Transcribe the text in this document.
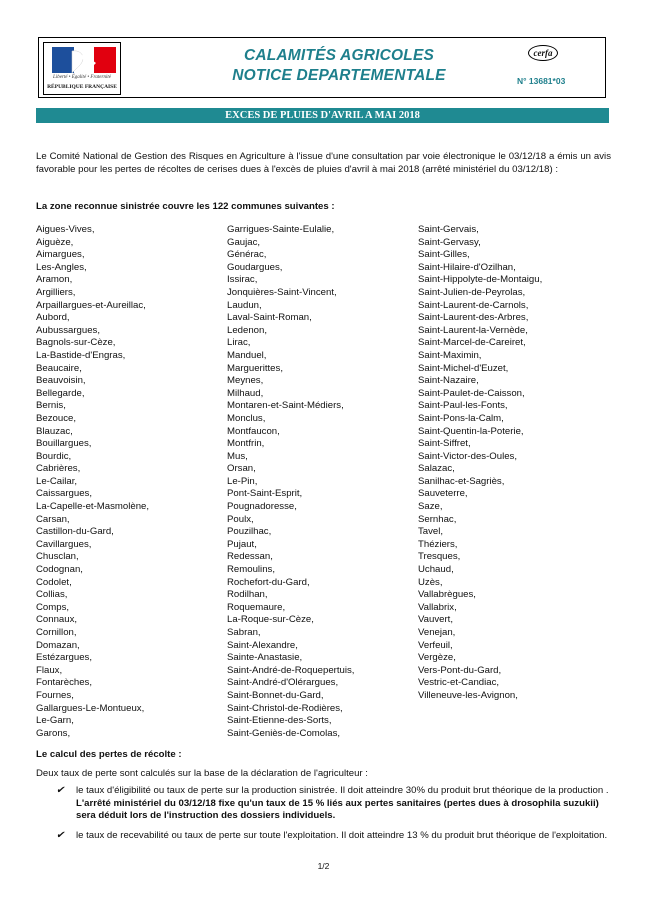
Liberté • Égalité • Fraternité
RÉPUBLIQUE FRANÇAISE
CALAMITÉS AGRICOLES
NOTICE DEPARTEMENTALE
cerfa
N° 13681*03
EXCES DE PLUIES D'AVRIL A MAI 2018
Le Comité National de Gestion des Risques en Agriculture à l'issue d'une consultation par voie électronique le 03/12/18 a émis un avis favorable pour les pertes de récoltes de cerises dues à l'excès de pluies d'avril à mai 2018 (arrêté ministériel du 03/12/18) :
La zone reconnue sinistrée couvre les 122 communes suivantes :
Aigues-Vives,
Aiguèze,
Aimargues,
Les-Angles,
Aramon,
Argilliers,
Arpaillargues-et-Aureillac,
Aubord,
Aubussargues,
Bagnols-sur-Cèze,
La-Bastide-d'Engras,
Beaucaire,
Beauvoisin,
Bellegarde,
Bernis,
Bezouce,
Blauzac,
Bouillargues,
Bourdic,
Cabrières,
Le-Cailar,
Caissargues,
La-Capelle-et-Masmolène,
Carsan,
Castillon-du-Gard,
Cavillargues,
Chusclan,
Codognan,
Codolet,
Collias,
Comps,
Connaux,
Cornillon,
Domazan,
Estézargues,
Flaux,
Fontarèches,
Fournes,
Gallargues-Le-Montueux,
Le-Garn,
Garons,
Garrigues-Sainte-Eulalie,
Gaujac,
Générac,
Goudargues,
Issirac,
Jonquières-Saint-Vincent,
Laudun,
Laval-Saint-Roman,
Ledenon,
Lirac,
Manduel,
Marguerittes,
Meynes,
Milhaud,
Montaren-et-Saint-Médiers,
Monclus,
Montfaucon,
Montfrin,
Mus,
Orsan,
Le-Pin,
Pont-Saint-Esprit,
Pougnadoresse,
Poulx,
Pouzilhac,
Pujaut,
Redessan,
Remoulins,
Rochefort-du-Gard,
Rodilhan,
Roquemaure,
La-Roque-sur-Cèze,
Sabran,
Saint-Alexandre,
Sainte-Anastasie,
Saint-André-de-Roquepertuis,
Saint-André-d'Olérargues,
Saint-Bonnet-du-Gard,
Saint-Christol-de-Rodières,
Saint-Etienne-des-Sorts,
Saint-Geniès-de-Comolas,
Saint-Gervais,
Saint-Gervasy,
Saint-Gilles,
Saint-Hilaire-d'Ozilhan,
Saint-Hippolyte-de-Montaigu,
Saint-Julien-de-Peyrolas,
Saint-Laurent-de-Carnols,
Saint-Laurent-des-Arbres,
Saint-Laurent-la-Vernède,
Saint-Marcel-de-Careiret,
Saint-Maximin,
Saint-Michel-d'Euzet,
Saint-Nazaire,
Saint-Paulet-de-Caisson,
Saint-Paul-les-Fonts,
Saint-Pons-la-Calm,
Saint-Quentin-la-Poterie,
Saint-Siffret,
Saint-Victor-des-Oules,
Salazac,
Sanilhac-et-Sagriès,
Sauveterre,
Saze,
Sernhac,
Tavel,
Théziers,
Tresques,
Uchaud,
Uzès,
Vallabrègues,
Vallabrix,
Vauvert,
Venejan,
Verfeuil,
Vergèze,
Vers-Pont-du-Gard,
Vestric-et-Candiac,
Villeneuve-les-Avignon,
Le calcul des pertes de récolte :
Deux taux de perte sont calculés sur la base de la déclaration de l'agriculteur :
✔ le taux d'éligibilité ou taux de perte sur la production sinistrée. Il doit atteindre 30% du produit brut théorique de la production . L'arrêté ministériel du 03/12/18 fixe qu'un taux de 15 % liés aux pertes sanitaires (pertes dues à drosophila suzukii) sera déduit lors de l'instruction des dossiers individuels.
✔ le taux de recevabilité ou taux de perte sur toute l'exploitation. Il doit atteindre 13 % du produit brut théorique de l'exploitation.
1/2
